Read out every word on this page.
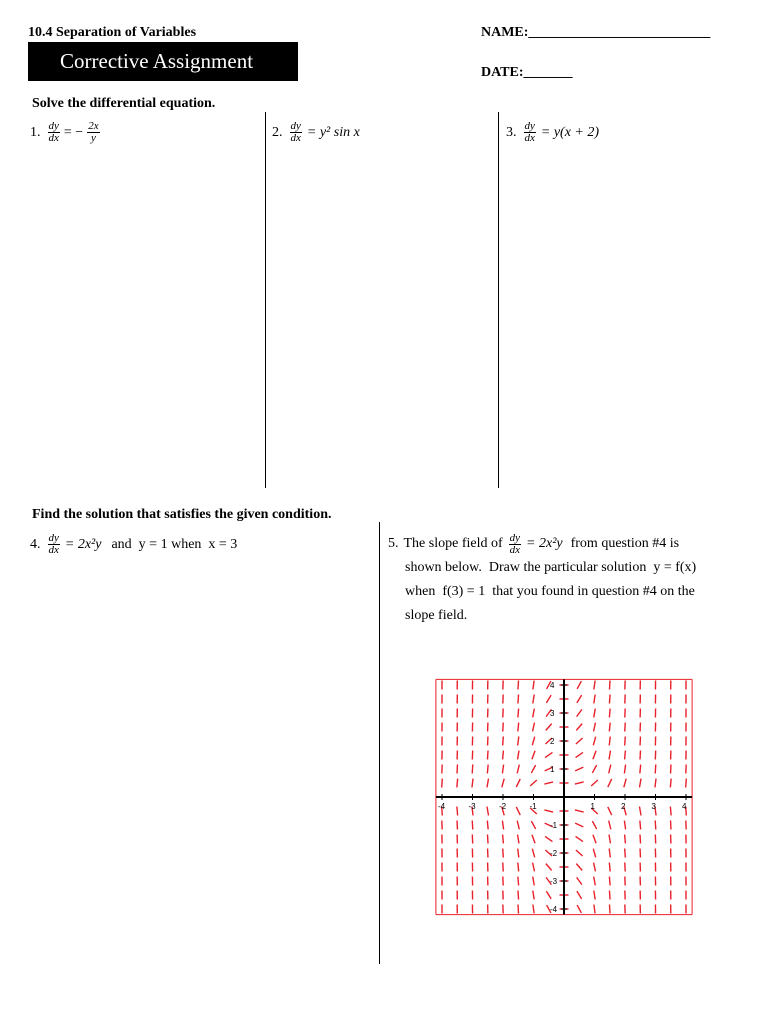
10.4 Separation of Variables
Corrective Assignment
NAME:__________________________
DATE:_______
Solve the differential equation.
1. $\frac{dy}{dx}$ = − $\frac{2x}{y}$	2. $\frac{dy}{dx} = y^2$ sin x	3. $\frac{dy}{dx} = y(x + 2)$
Find the solution that satisfies the given condition.
4. $\frac{dy}{dx} = 2x^2y$ and  y = 1 when  x = 3	5. The slope field of $\frac{dy}{dx} = 2x^2y$ from question #4 is
shown below.  Draw the particular solution  y = f(x)
when  f(3) = 1  that you found in question #4 on the
slope field.
-4	-3	-2	-1	1	2	3	4
4
3
2
1
-1
-2
-3
-4
